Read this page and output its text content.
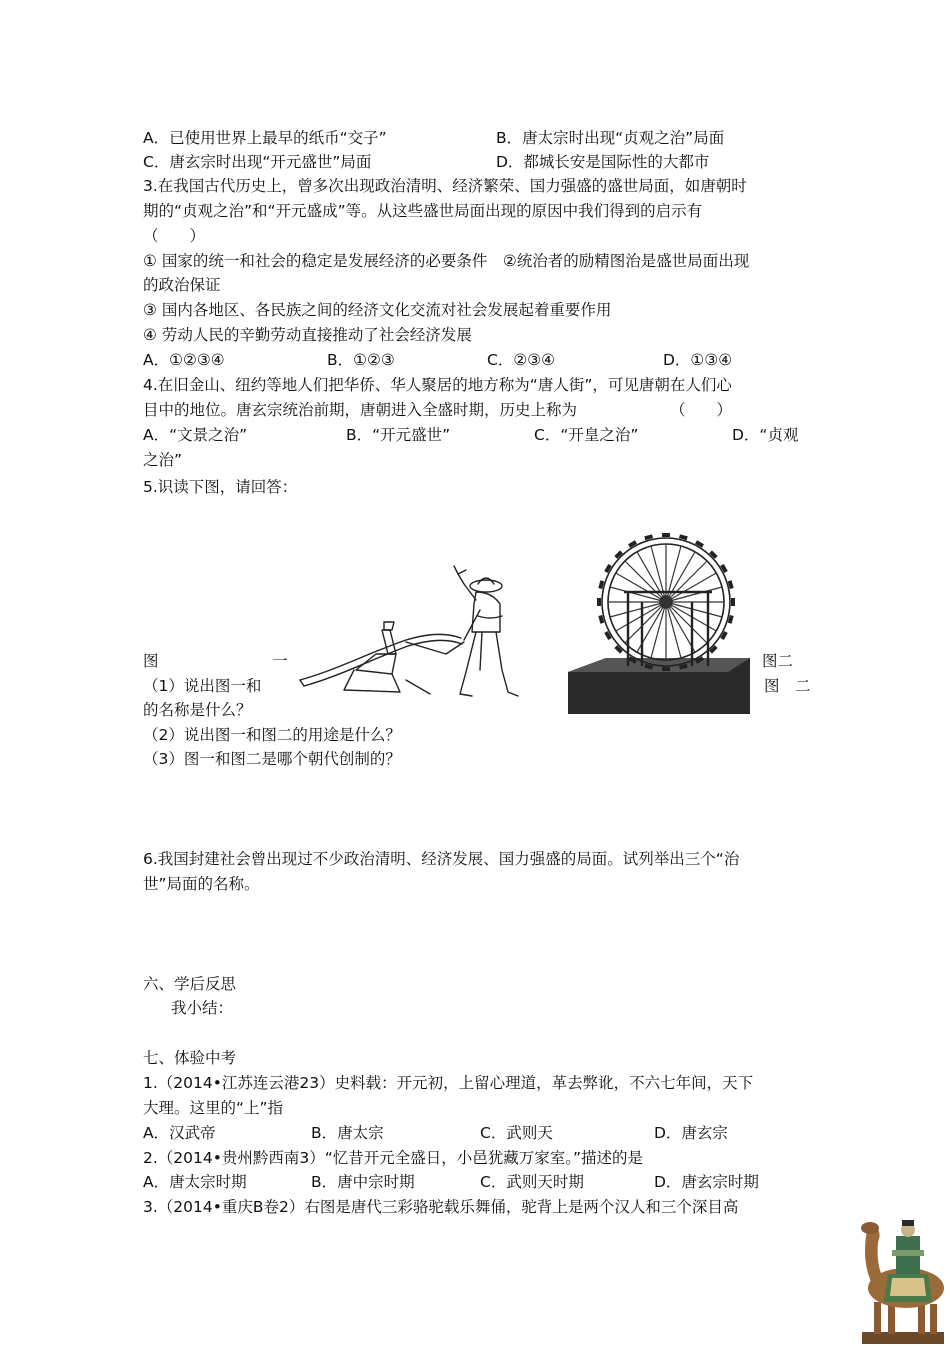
A．已使用世界上最早的纸币“交子”	B．唐太宗时出现“贞观之治”局面
C．唐玄宗时出现“开元盛世”局面	D．都城长安是国际性的大都市
3.在我国古代历史上，曾多次出现政治清明、经济繁荣、国力强盛的盛世局面，如唐朝时
期的“贞观之治”和“开元盛成”等。从这些盛世局面出现的原因中我们得到的启示有
（　　）
① 国家的统一和社会的稳定是发展经济的必要条件　②统治者的励精图治是盛世局面出现
的政治保证
③ 国内各地区、各民族之间的经济文化交流对社会发展起着重要作用
④ 劳动人民的辛勤劳动直接推动了社会经济发展
A．①②③④	B．①②③	C．②③④	D．①③④
4.在旧金山、纽约等地人们把华侨、华人聚居的地方称为“唐人街”，可见唐朝在人们心
目中的地位。唐玄宗统治前期，唐朝进入全盛时期，历史上称为	（　　）
A．“文景之治”	B．“开元盛世”	C．“开皇之治”	D．“贞观
之治”
5.识读下图，请回答：
图	一	图二
（1）说出图一和	图　二
的名称是什么？
（2）说出图一和图二的用途是什么？
（3）图一和图二是哪个朝代创制的？
6.我国封建社会曾出现过不少政治清明、经济发展、国力强盛的局面。试列举出三个“治
世”局面的名称。
六、学后反思
我小结：
七、体验中考
1.（2014•江苏连云港23）史料载：开元初，上留心理道，革去弊讹，不六七年间，天下
大理。这里的“上”指
A．汉武帝	B．唐太宗	C．武则天	D．唐玄宗
2.（2014•贵州黔西南3）“忆昔开元全盛日，小邑犹藏万家室。”描述的是
A．唐太宗时期	B．唐中宗时期	C．武则天时期	D．唐玄宗时期
3.（2014•重庆B卷2）右图是唐代三彩骆驼载乐舞俑，驼背上是两个汉人和三个深目高
